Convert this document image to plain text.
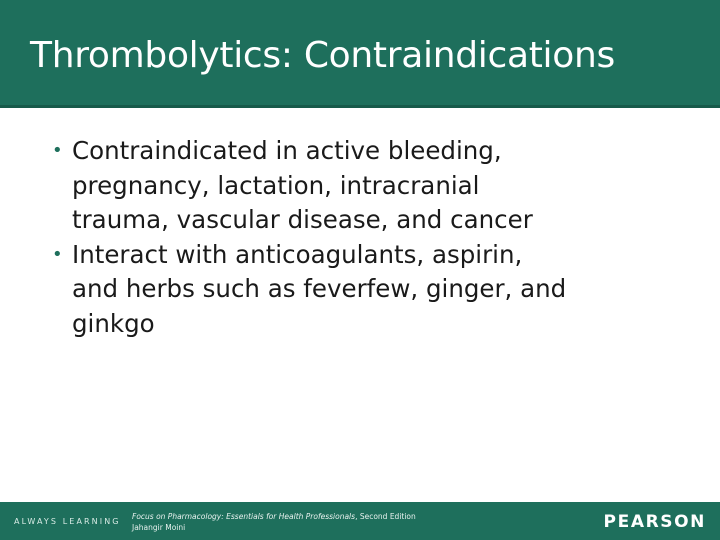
Thrombolytics: Contraindications
• Contraindicated in active bleeding,
pregnancy, lactation, intracranial
trauma, vascular disease, and cancer
• Interact with anticoagulants, aspirin,
and herbs such as feverfew, ginger, and
ginkgo
ALWAYS LEARNING
Focus on Pharmacology: Essentials for Health Professionals, Second Edition
Jahangir Moini	PEARSON
